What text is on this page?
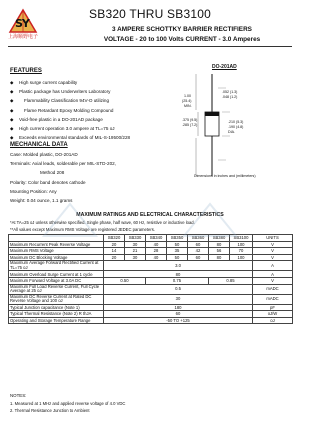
SY
上海顺野电子
SB320 THRU SB3100
3 AMPERE SCHOTTKY BARRIER RECTIFIERS
VOLTAGE - 20 to 100 Volts CURRENT - 3.0 Amperes
FEATURES
◆ High surge current capability
◆ Plastic package has Underwriters Laboratory
◆ Flammability Classification 94V-O utilizing
◆ Flame Retardant Epoxy Molding Compound
◆ Void-free plastic in a DO-201AD package
◆ High current operation 3.0 ampere at TL=75 oJ
◆ Exceeds environmental standards of MIL-S-19500/228
MECHANICAL DATA
Case: Molded plastic, DO-201AD
Terminals: Axial leads, solderable per MIL-STD-202,
Method 208
Polarity: Color band denotes cathode
Mounting Position: Any
Weight: 0.04 ounce, 1.1 grams
DO-201AD
.052 (1.3)
.048 (1.2)
1.00
(25.4)
MIN.
.375 (9.5)
.285 (7.2)
.210 (5.3)
.190 (4.8)
DIA.
Dimensions in inches and (millimeters)
MAXIMUM RATINGS AND ELECTRICAL CHARACTERISTICS
*At TA=25 oJ unless otherwise specified. Single phase, half wave, 60 Hz, resistive or inductive load.
**All values except Maximum RMS Voltage are registered JEDEC parameters.
	SB320	SB330	SB340	SB350	SB360	SB380	SB3100	UNITS
Maximum Recurrent Peak Reverse Voltage	20	30	40	50	60	80	100	V
Maximum RMS Voltage	14	21	28	35	42	56	70	V
Maximum DC Blocking Voltage	20	30	40	50	60	80	100	V
Maximum Average Forward Rectified Current at TL=75 oJ	3.0							A
Maximum Overload Surge Current at 1 cycle	80							A
Maximum Forward Voltage at 3.0A DC	0.50		0.75			0.85		V
Maximum Full Load Reverse Current, Full Cycle Average at 25 oJ	0.5							mADC
Maximum DC Reverse Current at Rated DC Reverse Voltage and 100 oJ	30							mADC
Typical Junction capacitance (Note 1)	180							pF
Typical Thermal Resistance (Note 2) R thJA	60							oJ/W
Operating and Storage Temperature Range	-50 TO +125							oJ
NOTES:
1. Measured at 1 MHz and applied reverse voltage of 4.0 VDC
2. Thermal Resistance Junction to Ambient
